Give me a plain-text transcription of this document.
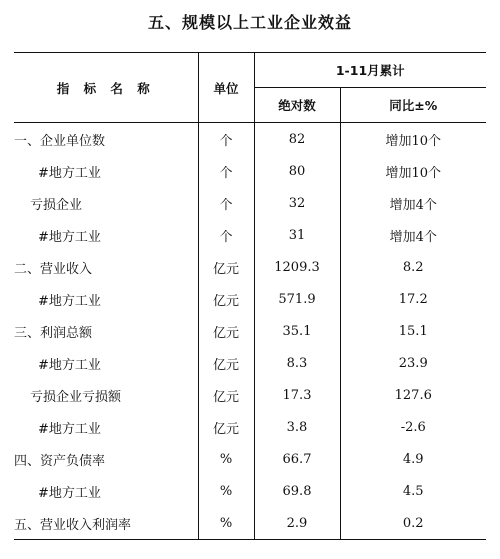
五、规模以上工业企业效益
指 标 名 称	单位	1-11月累计	
		绝对数	同比±%
一、企业单位数	个	82	增加10个
#地方工业	个	80	增加10个
亏损企业	个	32	增加4个
#地方工业	个	31	增加4个
二、营业收入	亿元	1209.3	8.2
#地方工业	亿元	571.9	17.2
三、利润总额	亿元	35.1	15.1
#地方工业	亿元	8.3	23.9
亏损企业亏损额	亿元	17.3	127.6
#地方工业	亿元	3.8	-2.6
四、资产负债率	%	66.7	4.9
#地方工业	%	69.8	4.5
五、营业收入利润率	%	2.9	0.2
